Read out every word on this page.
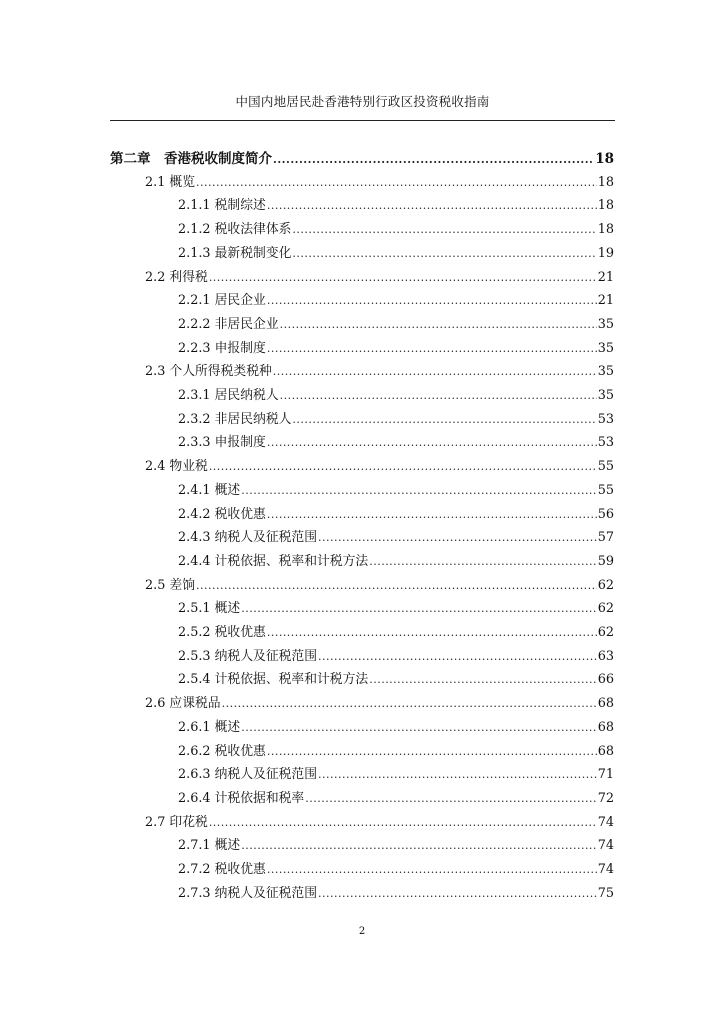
中国内地居民赴香港特别行政区投资税收指南
第二章　香港税收制度简介 .....	18
2.1 概览 .....	18
2.1.1 税制综述 .....	18
2.1.2 税收法律体系 .....	18
2.1.3 最新税制变化 .....	19
2.2 利得税 .....	21
2.2.1 居民企业 .....	21
2.2.2 非居民企业 .....	35
2.2.3 申报制度 .....	35
2.3 个人所得税类税种 .....	35
2.3.1 居民纳税人 .....	35
2.3.2 非居民纳税人 .....	53
2.3.3 申报制度 .....	53
2.4 物业税 .....	55
2.4.1 概述 .....	55
2.4.2 税收优惠 .....	56
2.4.3 纳税人及征税范围 .....	57
2.4.4 计税依据、税率和计税方法 .....	59
2.5 差饷 .....	62
2.5.1 概述 .....	62
2.5.2 税收优惠 .....	62
2.5.3 纳税人及征税范围 .....	63
2.5.4 计税依据、税率和计税方法 .....	66
2.6 应课税品 .....	68
2.6.1 概述 .....	68
2.6.2 税收优惠 .....	68
2.6.3 纳税人及征税范围 .....	71
2.6.4 计税依据和税率 .....	72
2.7 印花税 .....	74
2.7.1 概述 .....	74
2.7.2 税收优惠 .....	74
2.7.3 纳税人及征税范围 .....	75
2
